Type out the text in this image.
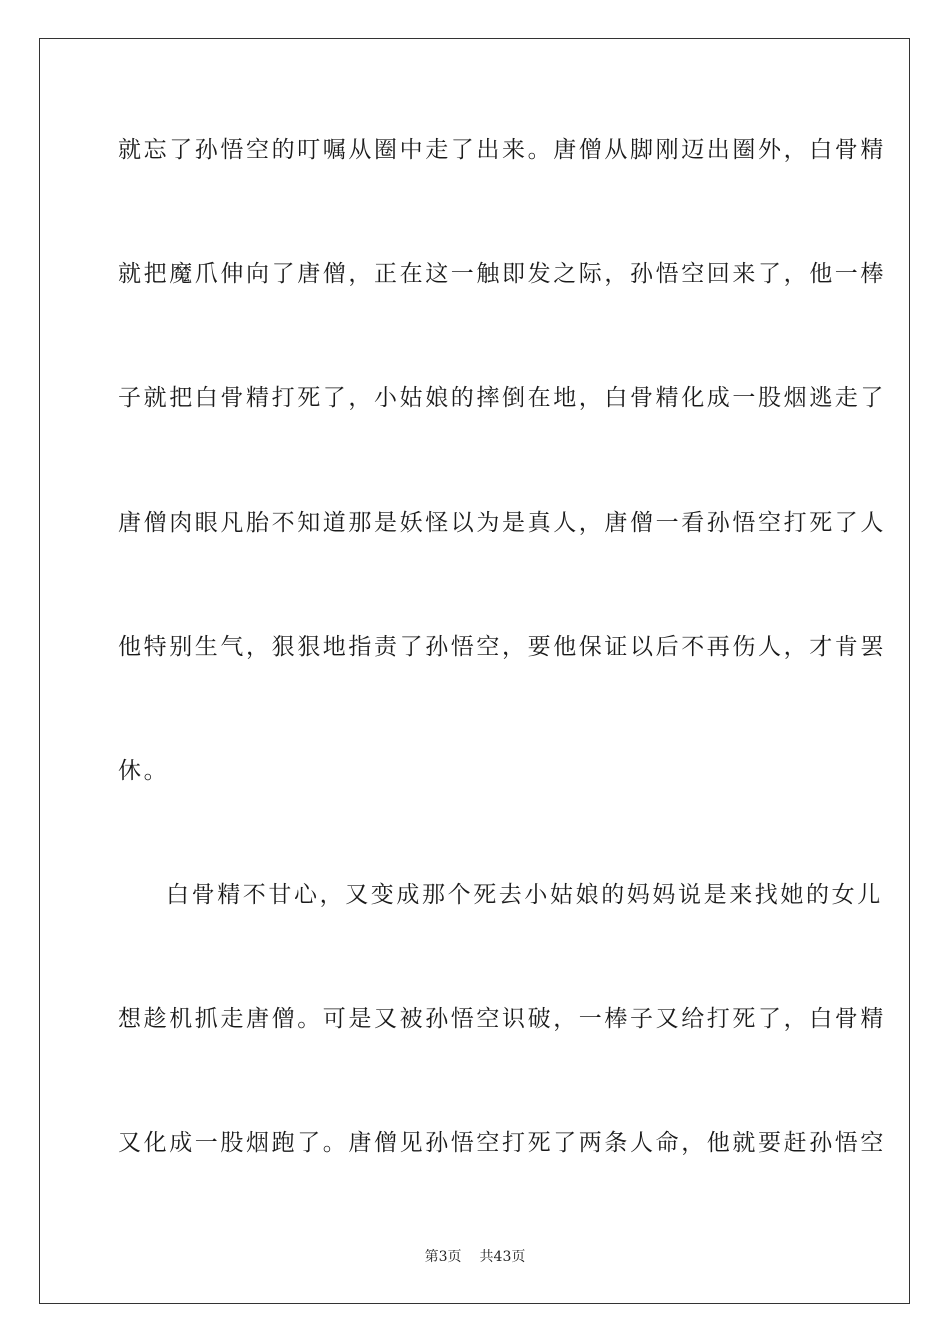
就忘了孙悟空的叮嘱从圈中走了出来。唐僧从脚刚迈出圈外，白骨精
就把魔爪伸向了唐僧，正在这一触即发之际，孙悟空回来了，他一棒
子就把白骨精打死了，小姑娘的摔倒在地，白骨精化成一股烟逃走了
唐僧肉眼凡胎不知道那是妖怪以为是真人，唐僧一看孙悟空打死了人
他特别生气，狠狠地指责了孙悟空，要他保证以后不再伤人，才肯罢
休。
白骨精不甘心，又变成那个死去小姑娘的妈妈说是来找她的女儿
想趁机抓走唐僧。可是又被孙悟空识破，一棒子又给打死了，白骨精
又化成一股烟跑了。唐僧见孙悟空打死了两条人命，他就要赶孙悟空
第3页 共43页
